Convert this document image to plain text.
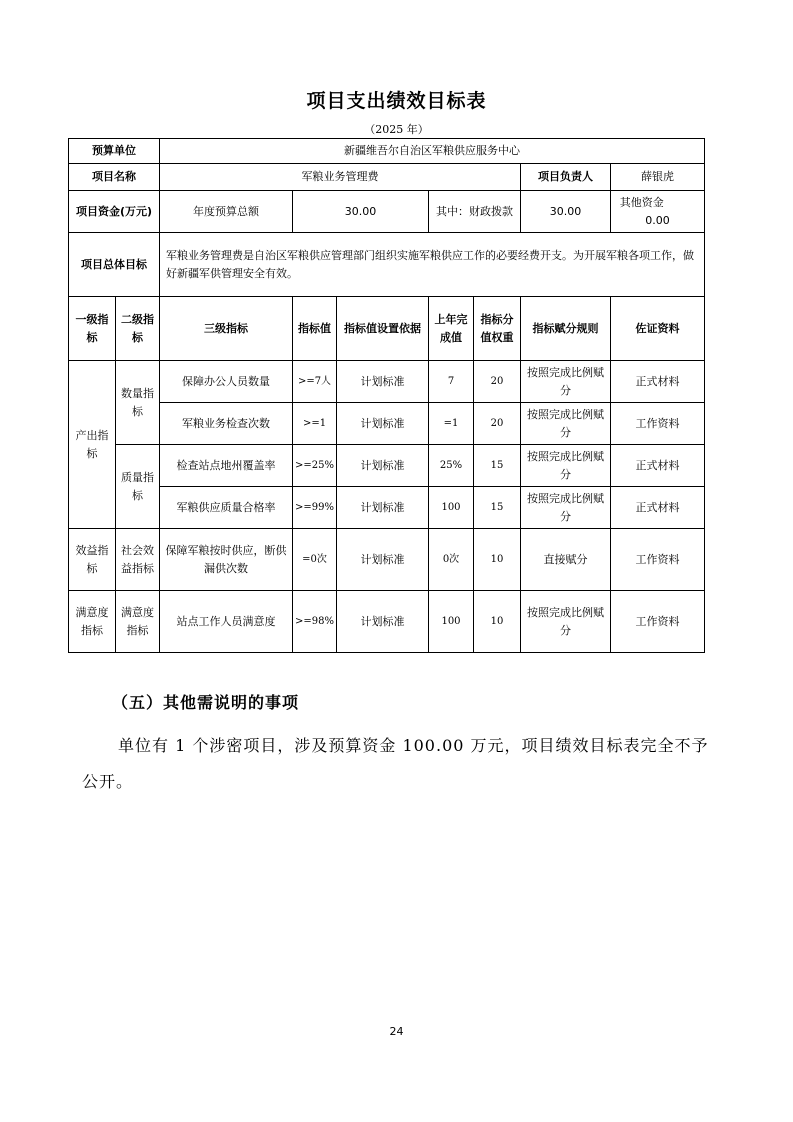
项目支出绩效目标表
（2025 年）
预算单位		新疆维吾尔自治区军粮供应服务中心						
项目名称		军粮业务管理费					项目负责人	薛银虎
项目资金(万元)		年度预算总额	30.00		其中：财政拨款		30.00	其他资金  0.00
项目总体目标		军粮业务管理费是自治区军粮供应管理部门组织实施军粮供应工作的必要经费开支。为开展军粮各项工作，做好新疆军供管理安全有效。						
一级指标	二级指标	三级指标	指标值	指标值设置依据	上年完成值	指标分值权重	指标赋分规则	佐证资料
产出指标	数量指标	保障办公人员数量	>=7人	计划标准	7	20	按照完成比例赋分	正式材料
		军粮业务检查次数	>=1	计划标准	=1	20	按照完成比例赋分	工作资料
	质量指标	检查站点地州覆盖率	>=25%	计划标准	25%	15	按照完成比例赋分	正式材料
		军粮供应质量合格率	>=99%	计划标准	100	15	按照完成比例赋分	正式材料
效益指标	社会效益指标	保障军粮按时供应，断供漏供次数	=0次	计划标准	0次	10	直接赋分	工作资料
满意度指标	满意度指标	站点工作人员满意度	>=98%	计划标准	100	10	按照完成比例赋分	工作资料
（五）其他需说明的事项
单位有 1 个涉密项目，涉及预算资金 100.00 万元，项目绩效目标表完全不予公开。
24
